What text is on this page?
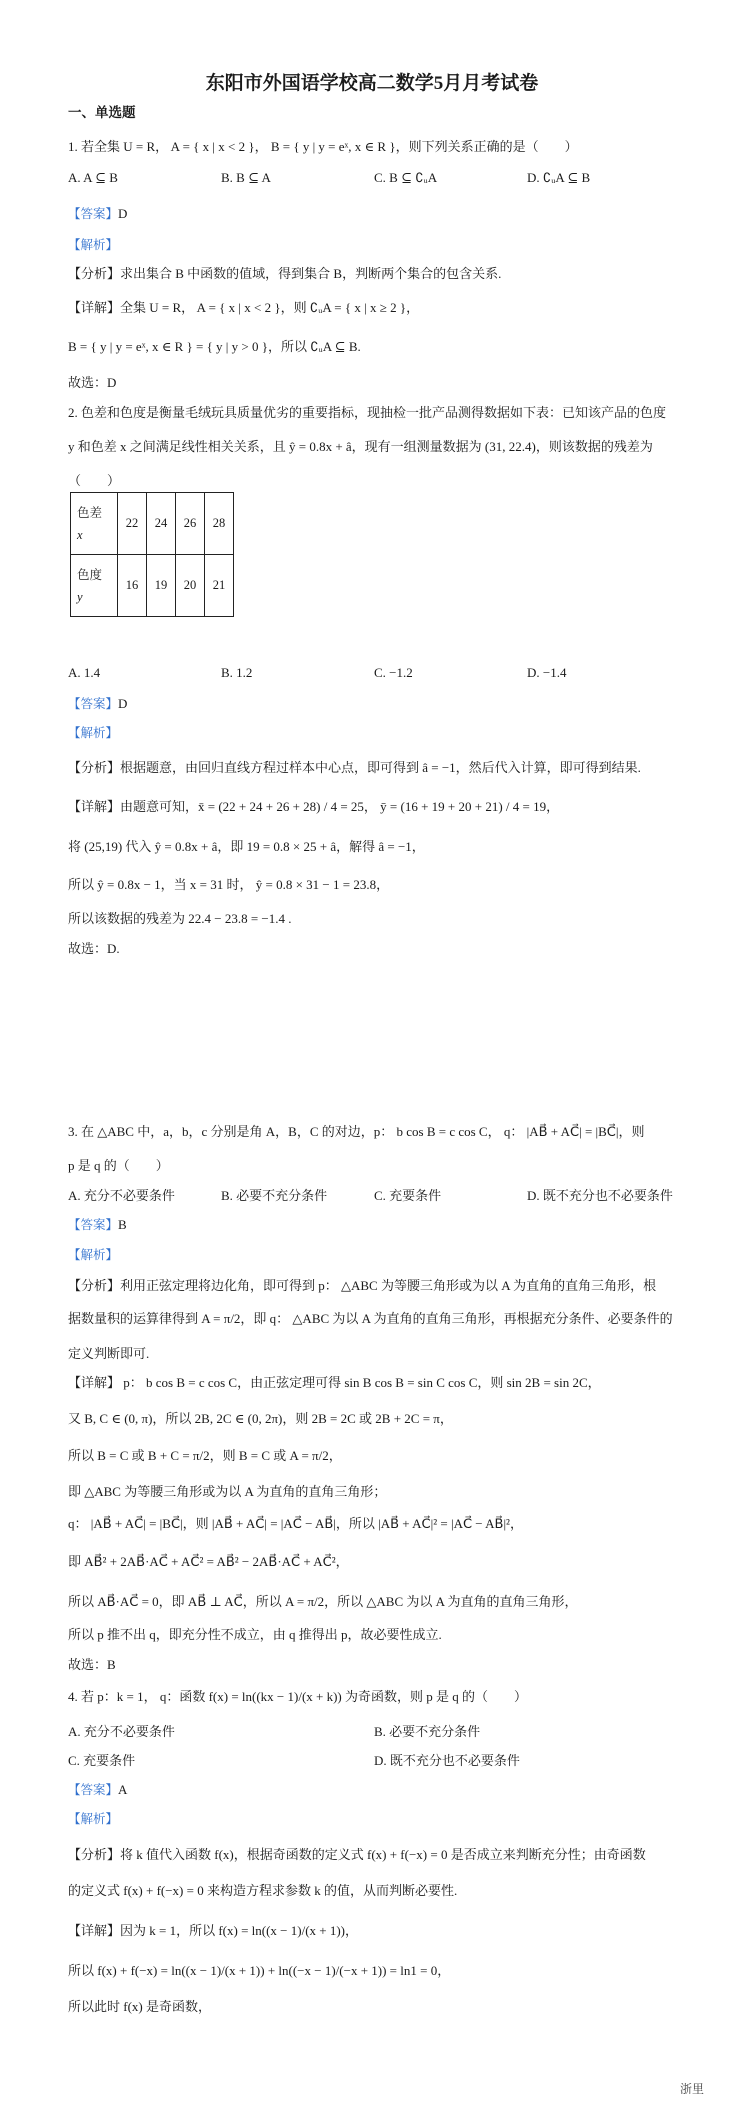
东阳市外国语学校高二数学5月月考试卷
一、单选题
1. 若全集 U = R， A = { x | x < 2 }， B = { y | y = eˣ, x ∈ R }，则下列关系正确的是（　　）
A. A ⊆ B	B. B ⊆ A	C. B ⊆ ∁ᵤA	D. ∁ᵤA ⊆ B
【答案】D
【解析】
【分析】求出集合 B 中函数的值域，得到集合 B，判断两个集合的包含关系.
【详解】全集 U = R， A = { x | x < 2 }，则 ∁ᵤA = { x | x ≥ 2 }，
B = { y | y = eˣ, x ∈ R } = { y | y > 0 }，所以 ∁ᵤA ⊆ B.
故选：D
2. 色差和色度是衡量毛绒玩具质量优劣的重要指标，现抽检一批产品测得数据如下表：已知该产品的色度
y 和色差 x 之间满足线性相关关系，且 ŷ = 0.8x + â，现有一组测量数据为 (31, 22.4)，则该数据的残差为
（　　）
色差
x	22	24	26	28
色度
y	16	19	20	21
A. 1.4	B. 1.2	C. −1.2	D. −1.4
【答案】D
【解析】
【分析】根据题意，由回归直线方程过样本中心点，即可得到 â = −1，然后代入计算，即可得到结果.
【详解】由题意可知，x̄ = (22 + 24 + 26 + 28) / 4 = 25， ȳ = (16 + 19 + 20 + 21) / 4 = 19，
将 (25,19) 代入 ŷ = 0.8x + â，即 19 = 0.8 × 25 + â，解得 â = −1，
所以 ŷ = 0.8x − 1，当 x = 31 时， ŷ = 0.8 × 31 − 1 = 23.8，
所以该数据的残差为 22.4 − 23.8 = −1.4 .
故选：D.
3. 在 △ABC 中，a，b，c 分别是角 A，B，C 的对边，p： b cos B = c cos C， q： |AB⃗ + AC⃗| = |BC⃗|，则
p 是 q 的（　　）
A. 充分不必要条件	B. 必要不充分条件	C. 充要条件	D. 既不充分也不必要条件
【答案】B
【解析】
【分析】利用正弦定理将边化角，即可得到 p： △ABC 为等腰三角形或为以 A 为直角的直角三角形，根
据数量积的运算律得到 A = π/2，即 q： △ABC 为以 A 为直角的直角三角形，再根据充分条件、必要条件的
定义判断即可.
【详解】 p： b cos B = c cos C，由正弦定理可得 sin B cos B = sin C cos C，则 sin 2B = sin 2C，
又 B, C ∈ (0, π)，所以 2B, 2C ∈ (0, 2π)，则 2B = 2C 或 2B + 2C = π，
所以 B = C 或 B + C = π/2，则 B = C 或 A = π/2，
即 △ABC 为等腰三角形或为以 A 为直角的直角三角形；
q： |AB⃗ + AC⃗| = |BC⃗|，则 |AB⃗ + AC⃗| = |AC⃗ − AB⃗|，所以 |AB⃗ + AC⃗|² = |AC⃗ − AB⃗|²，
即 AB⃗² + 2AB⃗·AC⃗ + AC⃗² = AB⃗² − 2AB⃗·AC⃗ + AC⃗²，
所以 AB⃗·AC⃗ = 0，即 AB⃗ ⊥ AC⃗，所以 A = π/2，所以 △ABC 为以 A 为直角的直角三角形，
所以 p 推不出 q，即充分性不成立，由 q 推得出 p，故必要性成立.
故选：B
4. 若 p：k = 1， q：函数 f(x) = ln((kx − 1)/(x + k)) 为奇函数，则 p 是 q 的（　　）
A. 充分不必要条件	B. 必要不充分条件
C. 充要条件	D. 既不充分也不必要条件
【答案】A
【解析】
【分析】将 k 值代入函数 f(x)，根据奇函数的定义式 f(x) + f(−x) = 0 是否成立来判断充分性；由奇函数
的定义式 f(x) + f(−x) = 0 来构造方程求参数 k 的值，从而判断必要性.
【详解】因为 k = 1，所以 f(x) = ln((x − 1)/(x + 1))，
所以 f(x) + f(−x) = ln((x − 1)/(x + 1)) + ln((−x − 1)/(−x + 1)) = ln1 = 0，
所以此时 f(x) 是奇函数，
浙里
